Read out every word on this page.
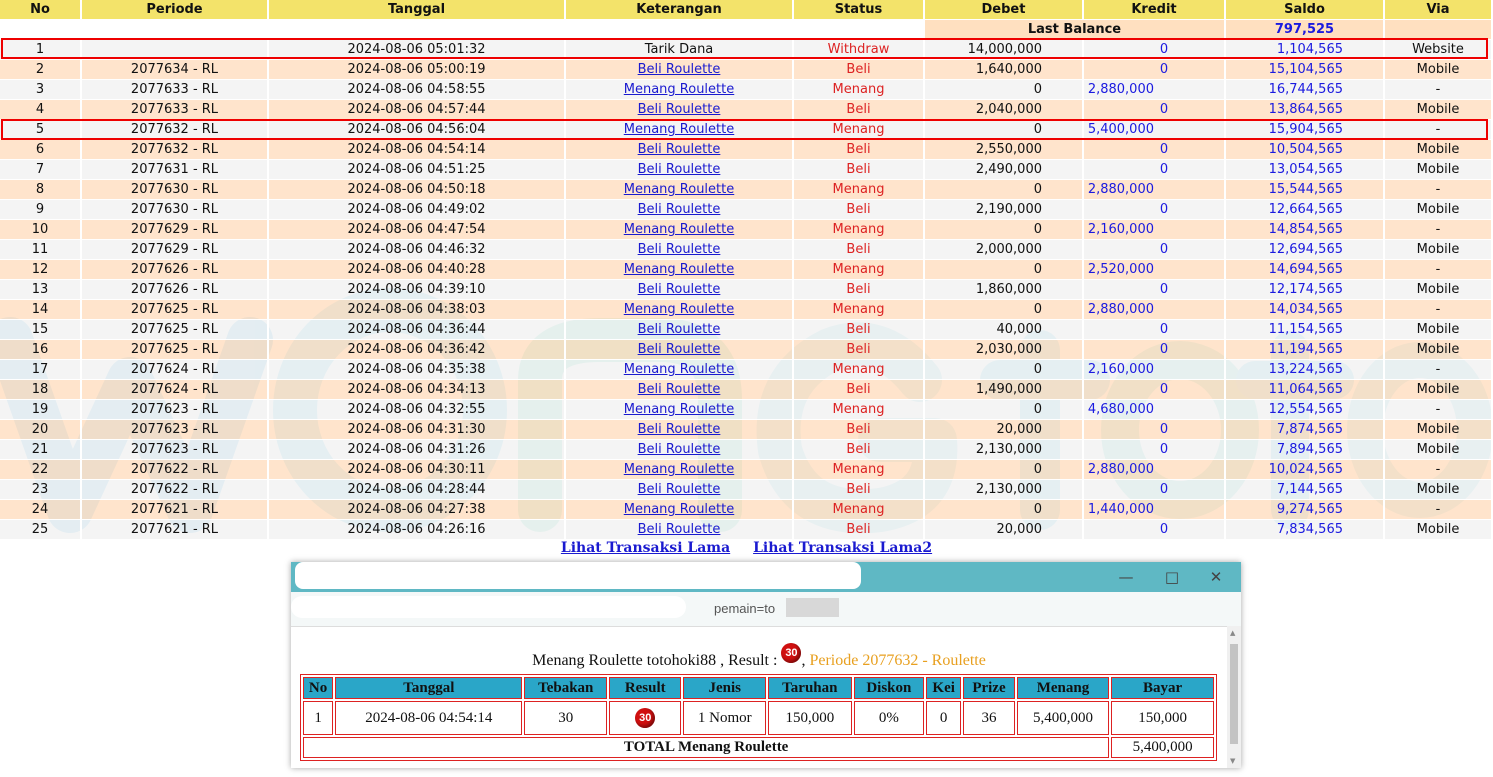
No	Periode	Tanggal	Keterangan	Status	Debet	Kredit	Saldo	Via
					Last Balance		797,525	
1		2024-08-06 05:01:32	Tarik Dana	Withdraw	14,000,000	0	1,104,565	Website
2	2077634 - RL	2024-08-06 05:00:19	Beli Roulette	Beli	1,640,000	0	15,104,565	Mobile
3	2077633 - RL	2024-08-06 04:58:55	Menang Roulette	Menang	0	2,880,000	16,744,565	-
4	2077633 - RL	2024-08-06 04:57:44	Beli Roulette	Beli	2,040,000	0	13,864,565	Mobile
5	2077632 - RL	2024-08-06 04:56:04	Menang Roulette	Menang	0	5,400,000	15,904,565	-
6	2077632 - RL	2024-08-06 04:54:14	Beli Roulette	Beli	2,550,000	0	10,504,565	Mobile
7	2077631 - RL	2024-08-06 04:51:25	Beli Roulette	Beli	2,490,000	0	13,054,565	Mobile
8	2077630 - RL	2024-08-06 04:50:18	Menang Roulette	Menang	0	2,880,000	15,544,565	-
9	2077630 - RL	2024-08-06 04:49:02	Beli Roulette	Beli	2,190,000	0	12,664,565	Mobile
10	2077629 - RL	2024-08-06 04:47:54	Menang Roulette	Menang	0	2,160,000	14,854,565	-
11	2077629 - RL	2024-08-06 04:46:32	Beli Roulette	Beli	2,000,000	0	12,694,565	Mobile
12	2077626 - RL	2024-08-06 04:40:28	Menang Roulette	Menang	0	2,520,000	14,694,565	-
13	2077626 - RL	2024-08-06 04:39:10	Beli Roulette	Beli	1,860,000	0	12,174,565	Mobile
14	2077625 - RL	2024-08-06 04:38:03	Menang Roulette	Menang	0	2,880,000	14,034,565	-
15	2077625 - RL	2024-08-06 04:36:44	Beli Roulette	Beli	40,000	0	11,154,565	Mobile
16	2077625 - RL	2024-08-06 04:36:42	Beli Roulette	Beli	2,030,000	0	11,194,565	Mobile
17	2077624 - RL	2024-08-06 04:35:38	Menang Roulette	Menang	0	2,160,000	13,224,565	-
18	2077624 - RL	2024-08-06 04:34:13	Beli Roulette	Beli	1,490,000	0	11,064,565	Mobile
19	2077623 - RL	2024-08-06 04:32:55	Menang Roulette	Menang	0	4,680,000	12,554,565	-
20	2077623 - RL	2024-08-06 04:31:30	Beli Roulette	Beli	20,000	0	7,874,565	Mobile
21	2077623 - RL	2024-08-06 04:31:26	Beli Roulette	Beli	2,130,000	0	7,894,565	Mobile
22	2077622 - RL	2024-08-06 04:30:11	Menang Roulette	Menang	0	2,880,000	10,024,565	-
23	2077622 - RL	2024-08-06 04:28:44	Beli Roulette	Beli	2,130,000	0	7,144,565	Mobile
24	2077621 - RL	2024-08-06 04:27:38	Menang Roulette	Menang	0	1,440,000	9,274,565	-
25	2077621 - RL	2024-08-06 04:26:16	Beli Roulette	Beli	20,000	0	7,834,565	Mobile
Lihat Transaksi Lama Lihat Transaksi Lama2
— □ ✕
pemain=to
Menang Roulette totohoki88 , Result : 30 , Periode 2077632 - Roulette
No	Tanggal	Tebakan	Result	Jenis	Taruhan	Diskon	Kei	Prize	Menang	Bayar
1	2024-08-06 04:54:14	30	30	1 Nomor	150,000	0%	0	36	5,400,000	150,000
TOTAL Menang Roulette										5,400,000
▲
▼
